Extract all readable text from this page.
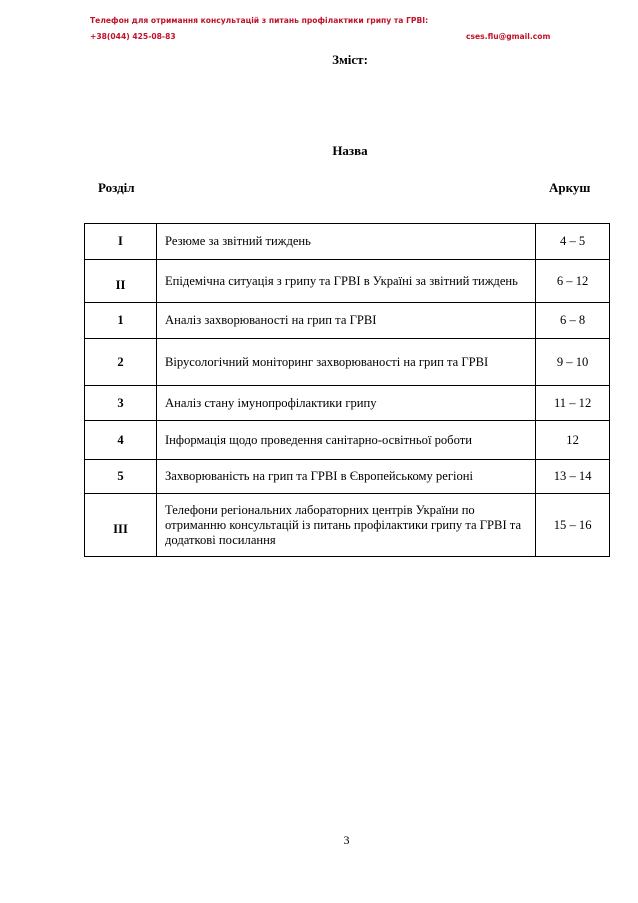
Телефон для отримання консультацій з питань профілактики грипу та ГРВІ:
+38(044) 425-08-83	cses.flu@gmail.com
Зміст:
Назва
Розділ	Аркуш
I	Резюме за звітний тиждень	4 – 5
II	Епідемічна ситуація з грипу та ГРВІ в Україні за звітний тиждень	6 – 12
1	Аналіз захворюваності на грип та ГРВІ	6 – 8
2	Вірусологічний моніторинг захворюваності на грип та ГРВІ	9 – 10
3	Аналіз стану імунопрофілактики грипу	11 – 12
4	Інформація щодо проведення санітарно-освітньої роботи	12
5	Захворюваність на грип та ГРВІ в Європейському регіоні	13 – 14
III	Телефони регіональних лабораторних центрів України по отриманню консультацій із питань профілактики грипу та ГРВІ та додаткові посилання	15 – 16
3
